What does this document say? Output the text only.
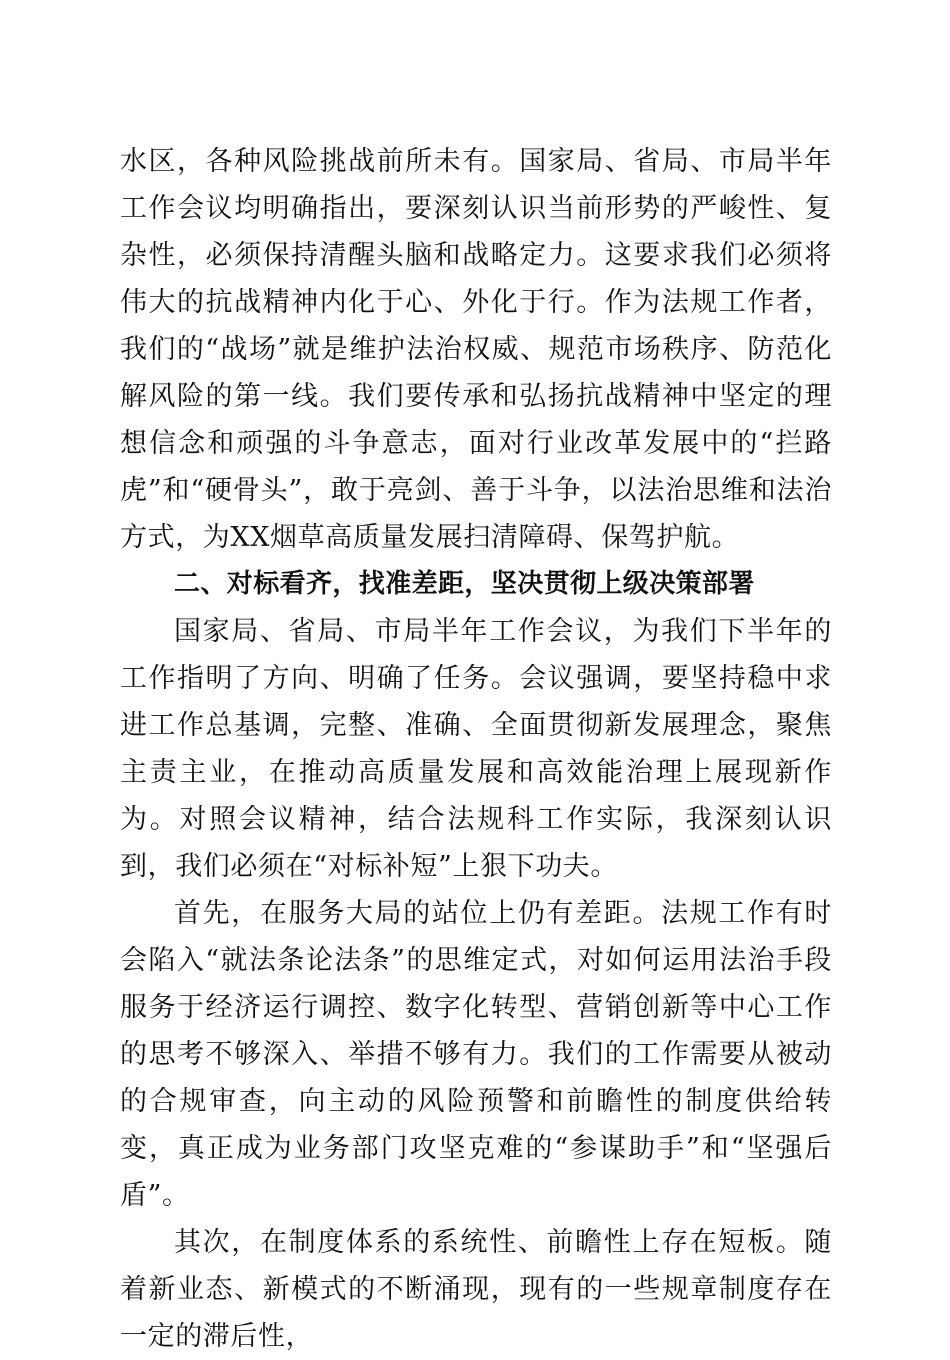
水区，各种风险挑战前所未有。国家局、省局、市局半年工作会议均明确指出，要深刻认识当前形势的严峻性、复杂性，必须保持清醒头脑和战略定力。这要求我们必须将伟大的抗战精神内化于心、外化于行。作为法规工作者，我们的“战场”就是维护法治权威、规范市场秩序、防范化解风险的第一线。我们要传承和弘扬抗战精神中坚定的理想信念和顽强的斗争意志，面对行业改革发展中的“拦路虎”和“硬骨头”，敢于亮剑、善于斗争，以法治思维和法治方式，为XX烟草高质量发展扫清障碍、保驾护航。

二、对标看齐，找准差距，坚决贯彻上级决策部署

国家局、省局、市局半年工作会议，为我们下半年的工作指明了方向、明确了任务。会议强调，要坚持稳中求进工作总基调，完整、准确、全面贯彻新发展理念，聚焦主责主业，在推动高质量发展和高效能治理上展现新作为。对照会议精神，结合法规科工作实际，我深刻认识到，我们必须在“对标补短”上狠下功夫。

首先，在服务大局的站位上仍有差距。法规工作有时会陷入“就法条论法条”的思维定式，对如何运用法治手段服务于经济运行调控、数字化转型、营销创新等中心工作的思考不够深入、举措不够有力。我们的工作需要从被动的合规审查，向主动的风险预警和前瞻性的制度供给转变，真正成为业务部门攻坚克难的“参谋助手”和“坚强后盾”。

其次，在制度体系的系统性、前瞻性上存在短板。随着新业态、新模式的不断涌现，现有的一些规章制度存在一定的滞后性，
